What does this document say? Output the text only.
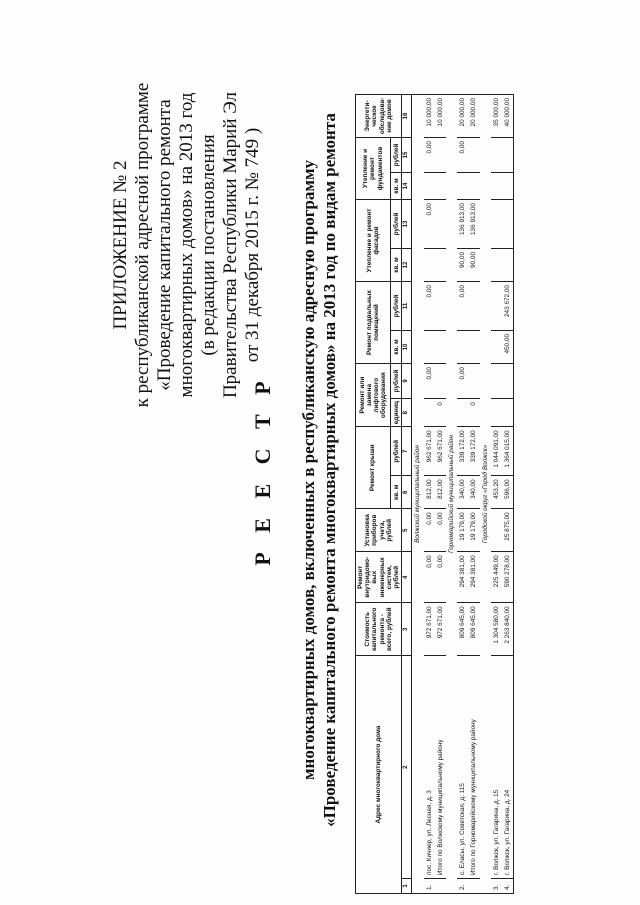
ПРИЛОЖЕНИЕ № 2 к республиканской адресной программе «Проведение капитального ремонта многоквартирных домов» на 2013 год (в редакции постановления Правительства Республики Марий Эл от 31 декабря 2015 г. № 749 )
Р Е Е С Т Р многоквартирных домов, включенных в республиканскую адресную программу «Проведение капитального ремонта многоквартирных домов» на 2013 год по видам ремонта	Адрес многоквартирного дома		Стоимость капитального ремонта - всего, рублей	Ремонт внутридомо-вых инженерных систем, рублей	Установка приборов учета, рублей	Ремонт крыши		Ремонт или замена лифтового оборудования		Ремонт подвальных помещений		Утепление и ремонт фасадов		Утепление и ремонт фундаментов		Энергети-ческое обследова-ние домов
					кв. м	рублей	единиц	рублей	кв. м	рублей	кв. м	рублей	кв. м	рублей	
1	2	3	4	5	6	7	8	9	10	11	12	13	14	15	16
Волжский муниципальный район															
1.	пос. Кичиер, ул. Лесная, д. 3	972 671,00	0,00	0,00	812,00	962 671,00		0,00		0,00		0,00		0,00	10 000,00
	Итого по Волжскому муниципальному району	972 671,00	0,00	0,00	812,00	962 671,00	0								10 000,00
Горномарийский муниципальный район															
2.	с. Еласы, ул. Советская, д. 115	809 645,00	294 381,00	19 179,00	340,00	339 172,00		0,00		0,00	90,00	136 913,00		0,00	20 000,00
	Итого по Горномарийскому муниципальному району	809 645,00	294 381,00	19 179,00	340,00	339 172,00	0				90,00	136 913,00			20 000,00
Городской округ «Город Волжск»															
3.	г. Волжск, ул. Гагарина, д. 15	1 304 580,00	225 449,00		453,20	1 044 091,00									35 000,00
4.	г. Волжск, ул. Гагарина, д. 24	2 263 840,00	590 278,00	25 875,00	596,00	1 364 015,00			450,00	243 672,00					40 000,00
